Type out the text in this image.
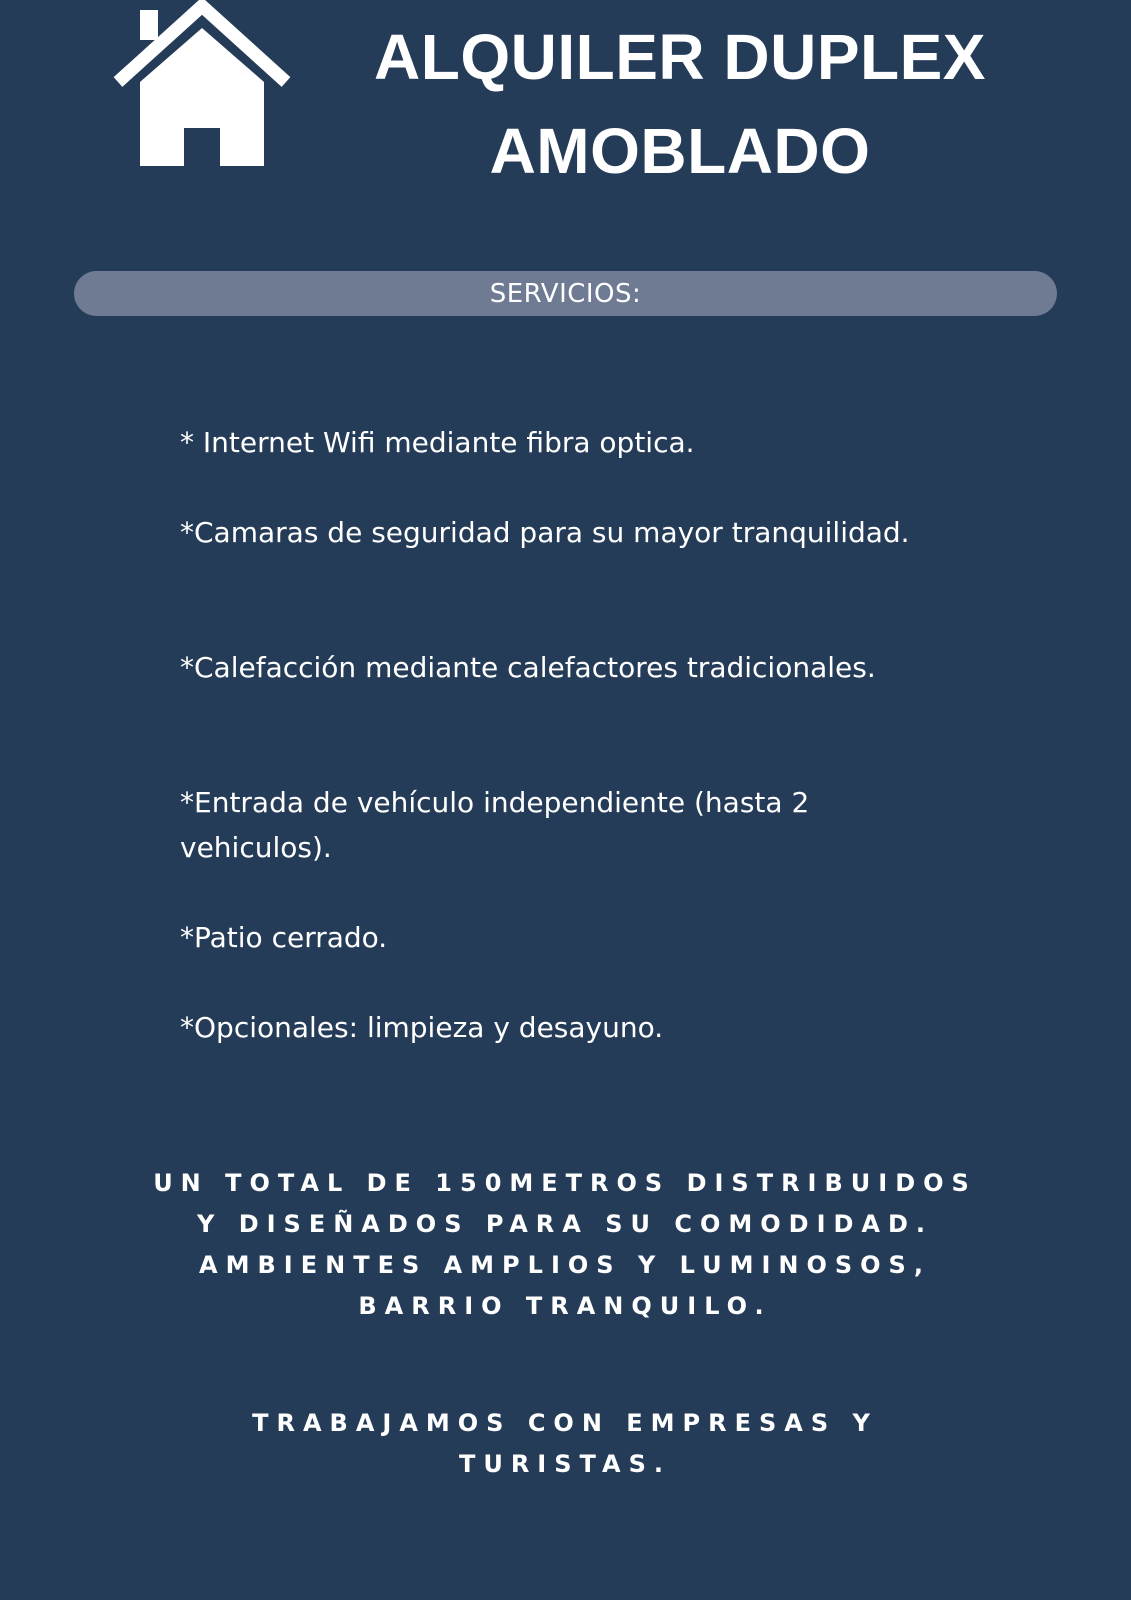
ALQUILER DUPLEX
AMOBLADO
SERVICIOS:
* Internet Wifi mediante fibra optica.
*Camaras de seguridad para su mayor tranquilidad.
*Calefacción mediante calefactores tradicionales.
*Entrada de vehículo independiente (hasta 2 vehiculos).
*Patio cerrado.
*Opcionales: limpieza y desayuno.

UN TOTAL DE 150METROS DISTRIBUIDOS Y DISEÑADOS PARA SU COMODIDAD. AMBIENTES AMPLIOS Y LUMINOSOS, BARRIO TRANQUILO.

TRABAJAMOS CON EMPRESAS Y TURISTAS.
